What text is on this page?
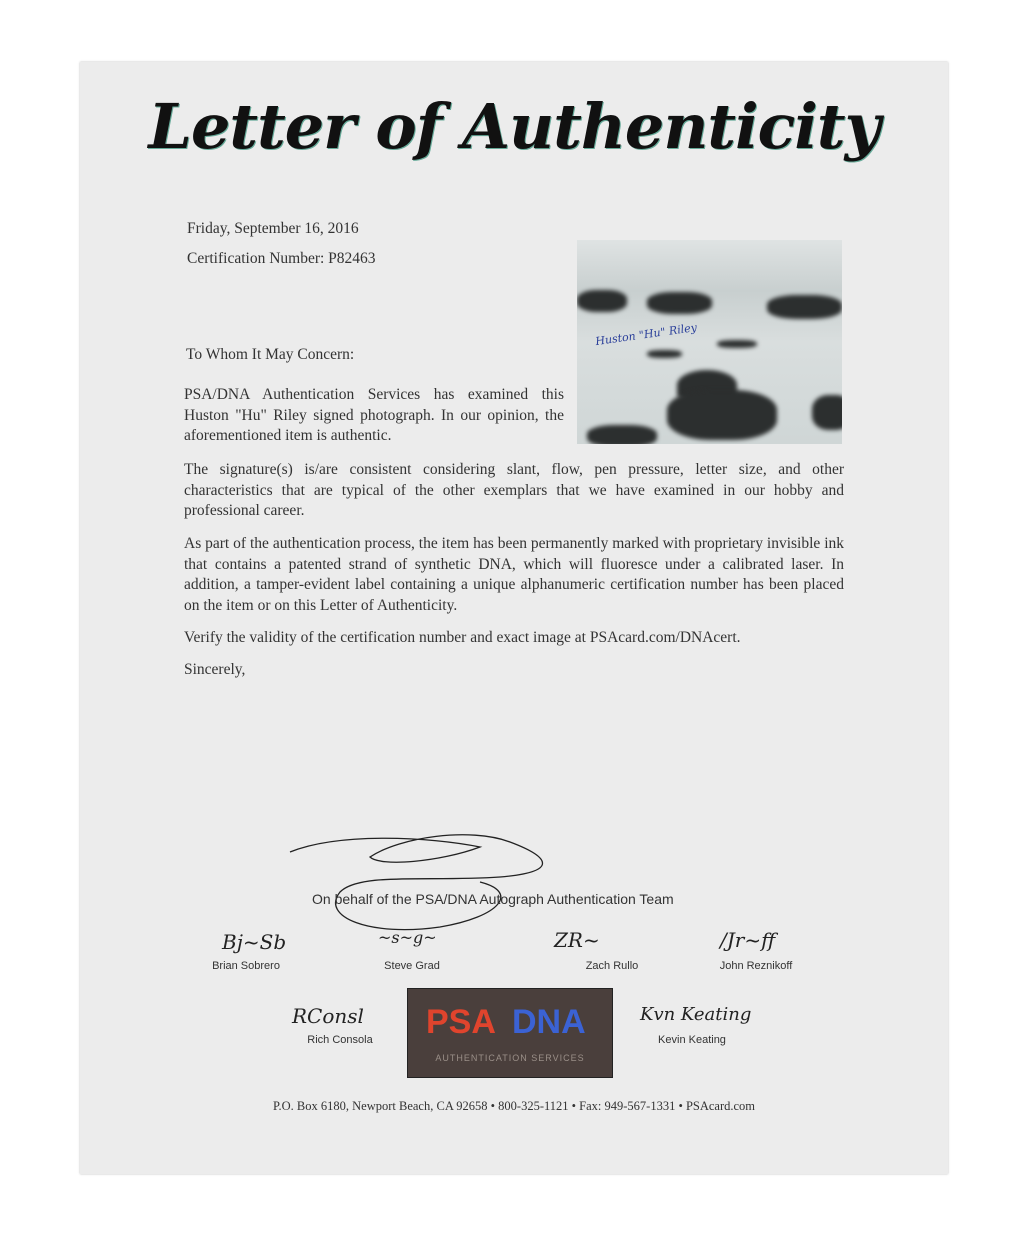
Letter of Authenticity

Friday, September 16, 2016

Certification Number: P82463

Huston "Hu" Riley

To Whom It May Concern:

PSA/DNA Authentication Services has examined this Huston "Hu" Riley signed photograph. In our opinion, the aforementioned item is authentic.

The signature(s) is/are consistent considering slant, flow, pen pressure, letter size, and other characteristics that are typical of the other exemplars that we have examined in our hobby and professional career.

As part of the authentication process, the item has been permanently marked with proprietary invisible ink that contains a patented strand of synthetic DNA, which will fluoresce under a calibrated laser. In addition, a tamper-evident label containing a unique alphanumeric certification number has been placed on the item or on this Letter of Authenticity.

Verify the validity of the certification number and exact image at PSAcard.com/DNAcert.

Sincerely,

On behalf of the PSA/DNA Autograph Authentication Team
Bj~Sb
Brian Sobrero
~s~g~
Steve Grad
ZR~
Zach Rullo
/Jr~ff
John Reznikoff
RConsl
Rich Consola
Kvn Keating
Kevin Keating
PSA DNA
AUTHENTICATION SERVICES
P.O. Box 6180, Newport Beach, CA 92658 • 800-325-1121 • Fax: 949-567-1331 • PSAcard.com
